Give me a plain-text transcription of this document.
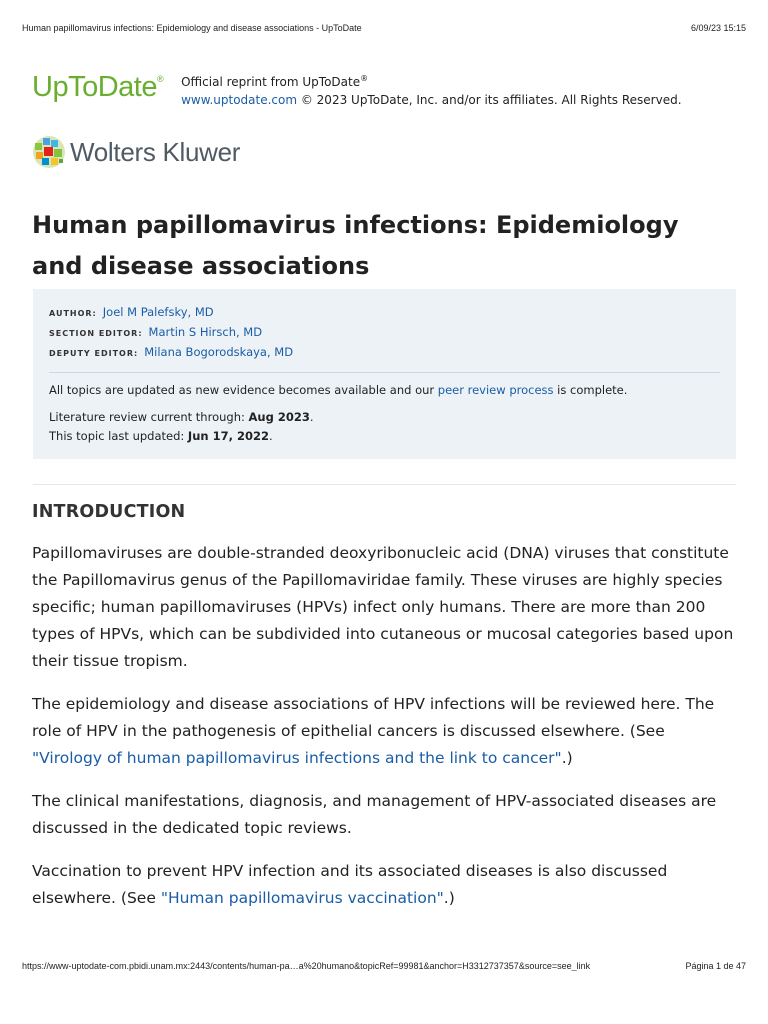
Human papillomavirus infections: Epidemiology and disease associations - UpToDate	6/09/23 15:15
UpToDate® Official reprint from UpToDate®
www.uptodate.com © 2023 UpToDate, Inc. and/or its affiliates. All Rights Reserved.
Wolters Kluwer
Human papillomavirus infections: Epidemiology and disease associations
AUTHOR: Joel M Palefsky, MD
SECTION EDITOR: Martin S Hirsch, MD
DEPUTY EDITOR: Milana Bogorodskaya, MD
All topics are updated as new evidence becomes available and our peer review process is complete.
Literature review current through: Aug 2023.
This topic last updated: Jun 17, 2022.
INTRODUCTION

Papillomaviruses are double-stranded deoxyribonucleic acid (DNA) viruses that constitute the Papillomavirus genus of the Papillomaviridae family. These viruses are highly species specific; human papillomaviruses (HPVs) infect only humans. There are more than 200 types of HPVs, which can be subdivided into cutaneous or mucosal categories based upon their tissue tropism.

The epidemiology and disease associations of HPV infections will be reviewed here. The role of HPV in the pathogenesis of epithelial cancers is discussed elsewhere. (See "Virology of human papillomavirus infections and the link to cancer".)

The clinical manifestations, diagnosis, and management of HPV-associated diseases are discussed in the dedicated topic reviews.

Vaccination to prevent HPV infection and its associated diseases is also discussed elsewhere. (See "Human papillomavirus vaccination".)

https://www-uptodate-com.pbidi.unam.mx:2443/contents/human-pa…a%20humano&topicRef=99981&anchor=H3312737357&source=see_link	Página 1 de 47
